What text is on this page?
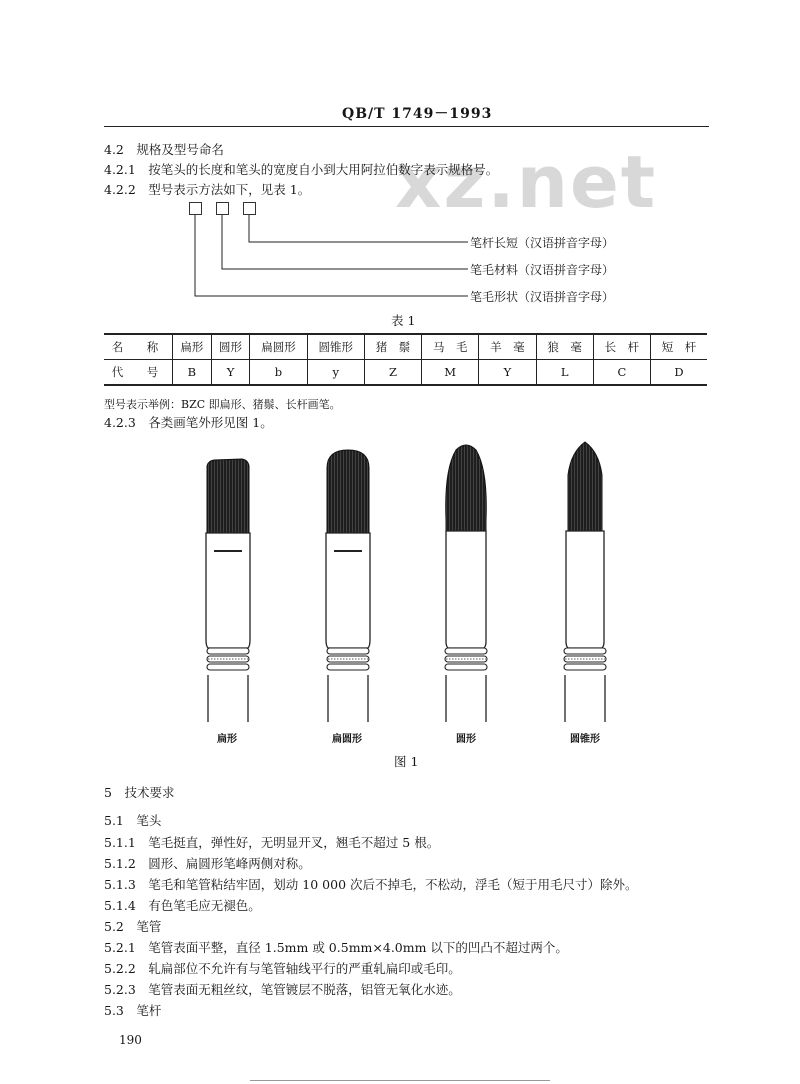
QB/T 1749－1993
xz.net
4.2　规格及型号命名
4.2.1　按笔头的长度和笔头的宽度自小到大用阿拉伯数字表示规格号。
4.2.2　型号表示方法如下，见表 1。
笔杆长短（汉语拼音字母）
笔毛材料（汉语拼音字母）
笔毛形状（汉语拼音字母）
表 1
名　称	扁形	圆形	扁圆形	圆锥形	猪　鬃	马　毛	羊　毫	狼　毫	长　杆	短　杆
代　号	B	Y	b	y	Z	M	Y	L	C	D
型号表示举例：BZC 即扁形、猪鬃、长杆画笔。
4.2.3　各类画笔外形见图 1。
扁形	扁圆形	圆形	圆锥形
图 1
5　技术要求
5.1　笔头
5.1.1　笔毛挺直，弹性好，无明显开叉，翘毛不超过 5 根。
5.1.2　圆形、扁圆形笔峰两侧对称。
5.1.3　笔毛和笔管粘结牢固，划动 10 000 次后不掉毛，不松动，浮毛（短于用毛尺寸）除外。
5.1.4　有色笔毛应无褪色。
5.2　笔管
5.2.1　笔管表面平整，直径 1.5mm 或 0.5mm×4.0mm 以下的凹凸不超过两个。
5.2.2　轧扁部位不允许有与笔管轴线平行的严重轧扁印或毛印。
5.2.3　笔管表面无粗丝纹，笔管镀层不脱落，铝管无氧化水迹。
5.3　笔杆
190
